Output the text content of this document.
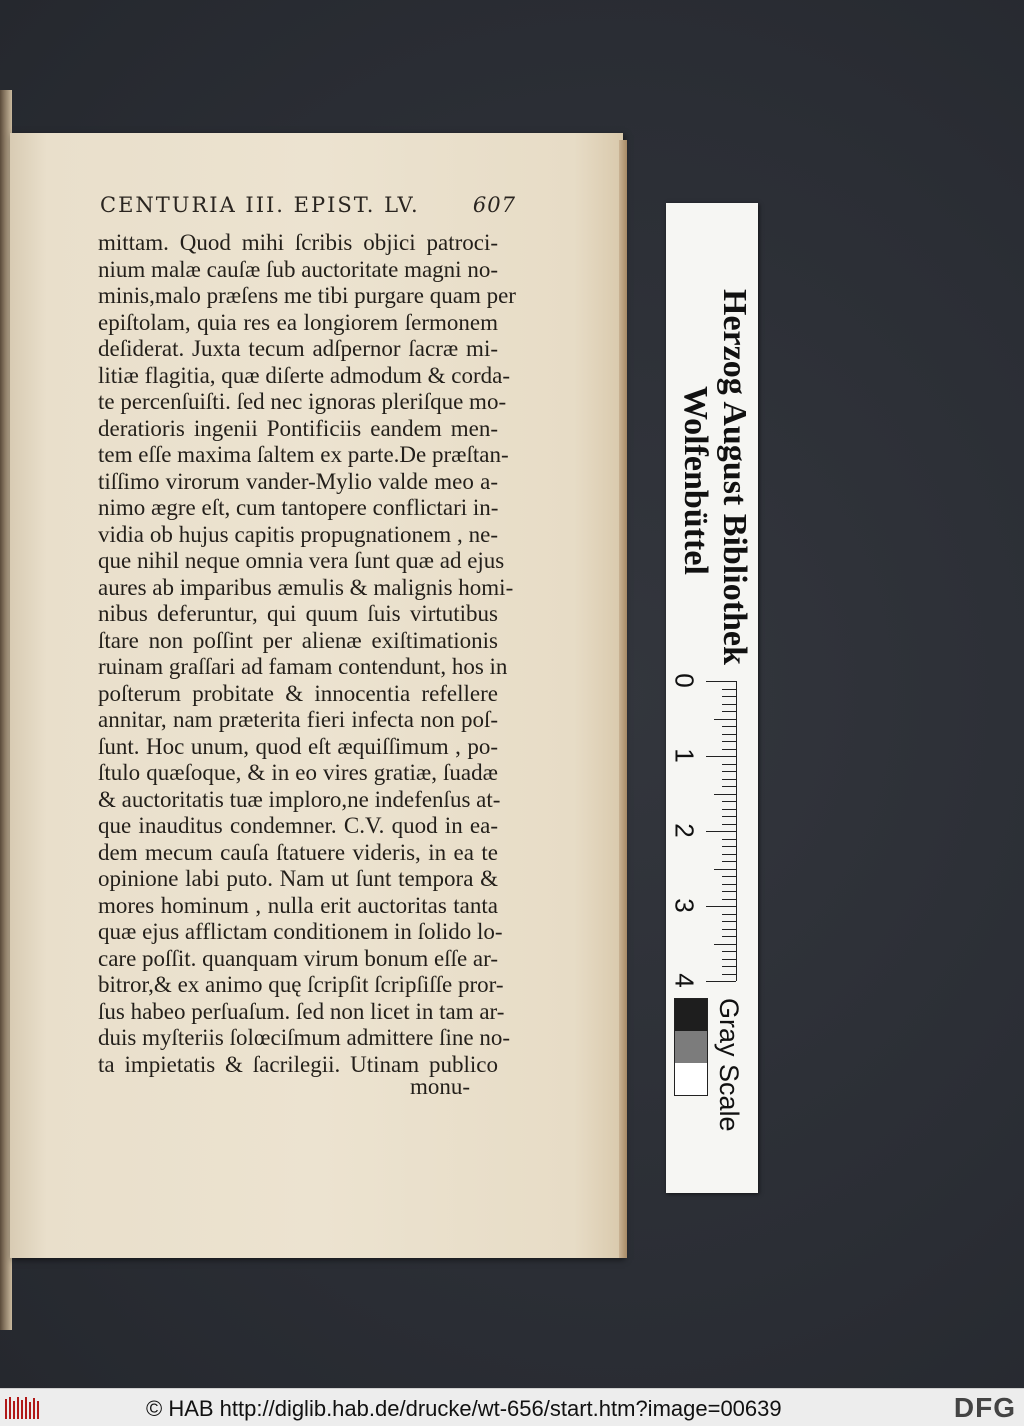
CENTURIA III. EPIST. LV.	607
mittam. Quod mihi ſcribis objici patroci-
nium malæ cauſæ ſub auctoritate magni no-
minis,malo præſens me tibi purgare quam per
epiſtolam, quia res ea longiorem ſermonem
deſiderat. Juxta tecum adſpernor ſacræ mi-
litiæ flagitia, quæ diſerte admodum & corda-
te percenſuiſti. ſed nec ignoras pleriſque mo-
deratioris ingenii Pontificiis eandem men-
tem eſſe maxima ſaltem ex parte.De præſtan-
tiſſimo virorum vander-Mylio valde meo a-
nimo ægre eſt, cum tantopere conflictari in-
vidia ob hujus capitis propugnationem , ne-
que nihil neque omnia vera ſunt quæ ad ejus
aures ab imparibus æmulis & malignis homi-
nibus deferuntur, qui quum ſuis virtutibus
ſtare non poſſint per alienæ exiſtimationis
ruinam graſſari ad famam contendunt, hos in
poſterum probitate & innocentia refellere
annitar, nam præterita fieri infecta non poſ-
ſunt. Hoc unum, quod eſt æquiſſimum , po-
ſtulo quæſoque, & in eo vires gratiæ, ſuadæ
& auctoritatis tuæ imploro,ne indefenſus at-
que inauditus condemner. C.V. quod in ea-
dem mecum cauſa ſtatuere videris, in ea te
opinione labi puto. Nam ut ſunt tempora &
mores hominum , nulla erit auctoritas tanta
quæ ejus afflictam conditionem in ſolido lo-
care poſſit. quanquam virum bonum eſſe ar-
bitror,& ex animo quę ſcripſit ſcripſiſſe pror-
ſus habeo perſuaſum. ſed non licet in tam ar-
duis myſteriis ſolœciſmum admittere ſine no-
ta impietatis & ſacrilegii. Utinam publico
monu-
Herzog August Bibliothek
Wolfenbüttel
0
1
2
3
4
Gray Scale
© HAB http://diglib.hab.de/drucke/wt-656/start.htm?image=00639	DFG
